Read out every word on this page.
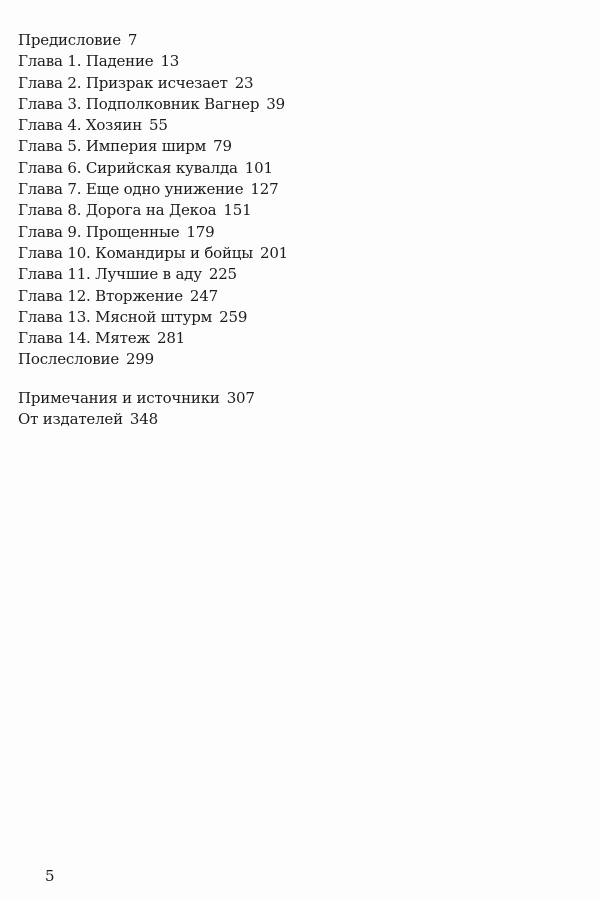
Предисловие 7
Глава 1. Падение 13
Глава 2. Призрак исчезает 23
Глава 3. Подполковник Вагнер 39
Глава 4. Хозяин 55
Глава 5. Империя ширм 79
Глава 6. Сирийская кувалда 101
Глава 7. Еще одно унижение 127
Глава 8. Дорога на Декоа 151
Глава 9. Прощенные 179
Глава 10. Командиры и бойцы 201
Глава 11. Лучшие в аду 225
Глава 12. Вторжение 247
Глава 13. Мясной штурм 259
Глава 14. Мятеж 281
Послесловие 299
Примечания и источники 307
От издателей 348
5
